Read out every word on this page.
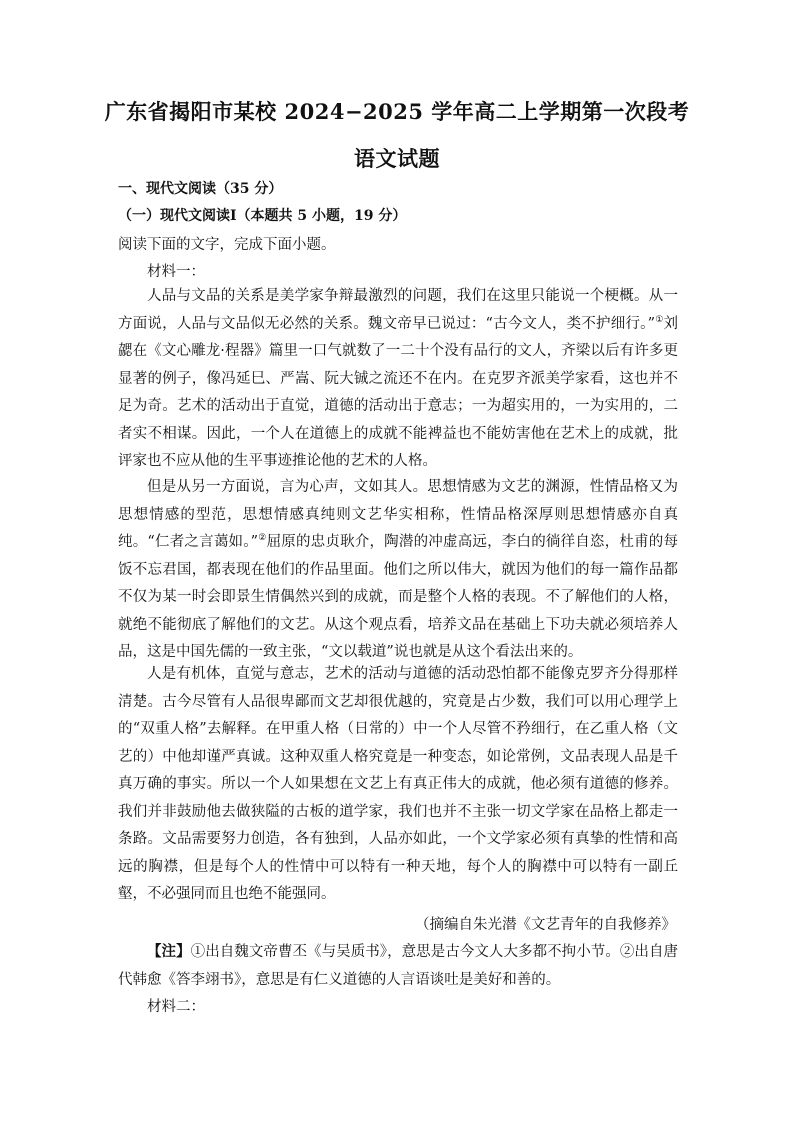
广东省揭阳市某校 2024−2025 学年高二上学期第一次段考
语文试题
一、现代文阅读（35 分）
（一）现代文阅读Ⅰ（本题共 5 小题，19 分）
阅读下面的文字，完成下面小题。
材料一：

人品与文品的关系是美学家争辩最激烈的问题，我们在这里只能说一个梗概。从一方面说，人品与文品似无必然的关系。魏文帝早已说过：“古今文人，类不护细行。”①刘勰在《文心雕龙·程器》篇里一口气就数了一二十个没有品行的文人，齐梁以后有许多更显著的例子，像冯延巳、严嵩、阮大铖之流还不在内。在克罗齐派美学家看，这也并不足为奇。艺术的活动出于直觉，道德的活动出于意志；一为超实用的，一为实用的，二者实不相谋。因此，一个人在道德上的成就不能裨益也不能妨害他在艺术上的成就，批评家也不应从他的生平事迹推论他的艺术的人格。

但是从另一方面说，言为心声，文如其人。思想情感为文艺的渊源，性情品格又为思想情感的型范，思想情感真纯则文艺华实相称，性情品格深厚则思想情感亦自真纯。“仁者之言蔼如。”②屈原的忠贞耿介，陶潜的冲虚高远，李白的徜徉自恣，杜甫的每饭不忘君国，都表现在他们的作品里面。他们之所以伟大，就因为他们的每一篇作品都不仅为某一时会即景生情偶然兴到的成就，而是整个人格的表现。不了解他们的人格，就绝不能彻底了解他们的文艺。从这个观点看，培养文品在基础上下功夫就必须培养人品，这是中国先儒的一致主张，“文以载道”说也就是从这个看法出来的。

人是有机体，直觉与意志，艺术的活动与道德的活动恐怕都不能像克罗齐分得那样清楚。古今尽管有人品很卑鄙而文艺却很优越的，究竟是占少数，我们可以用心理学上的“双重人格”去解释。在甲重人格（日常的）中一个人尽管不矜细行，在乙重人格（文艺的）中他却谨严真诚。这种双重人格究竟是一种变态，如论常例，文品表现人品是千真万确的事实。所以一个人如果想在文艺上有真正伟大的成就，他必须有道德的修养。我们并非鼓励他去做狭隘的古板的道学家，我们也并不主张一切文学家在品格上都走一条路。文品需要努力创造，各有独到，人品亦如此，一个文学家必须有真挚的性情和高远的胸襟，但是每个人的性情中可以特有一种天地，每个人的胸襟中可以特有一副丘壑，不必强同而且也绝不能强同。

（摘编自朱光潜《文艺青年的自我修养》

【注】①出自魏文帝曹丕《与吴质书》，意思是古今文人大多都不拘小节。②出自唐代韩愈《答李翊书》，意思是有仁义道德的人言语谈吐是美好和善的。

材料二：
